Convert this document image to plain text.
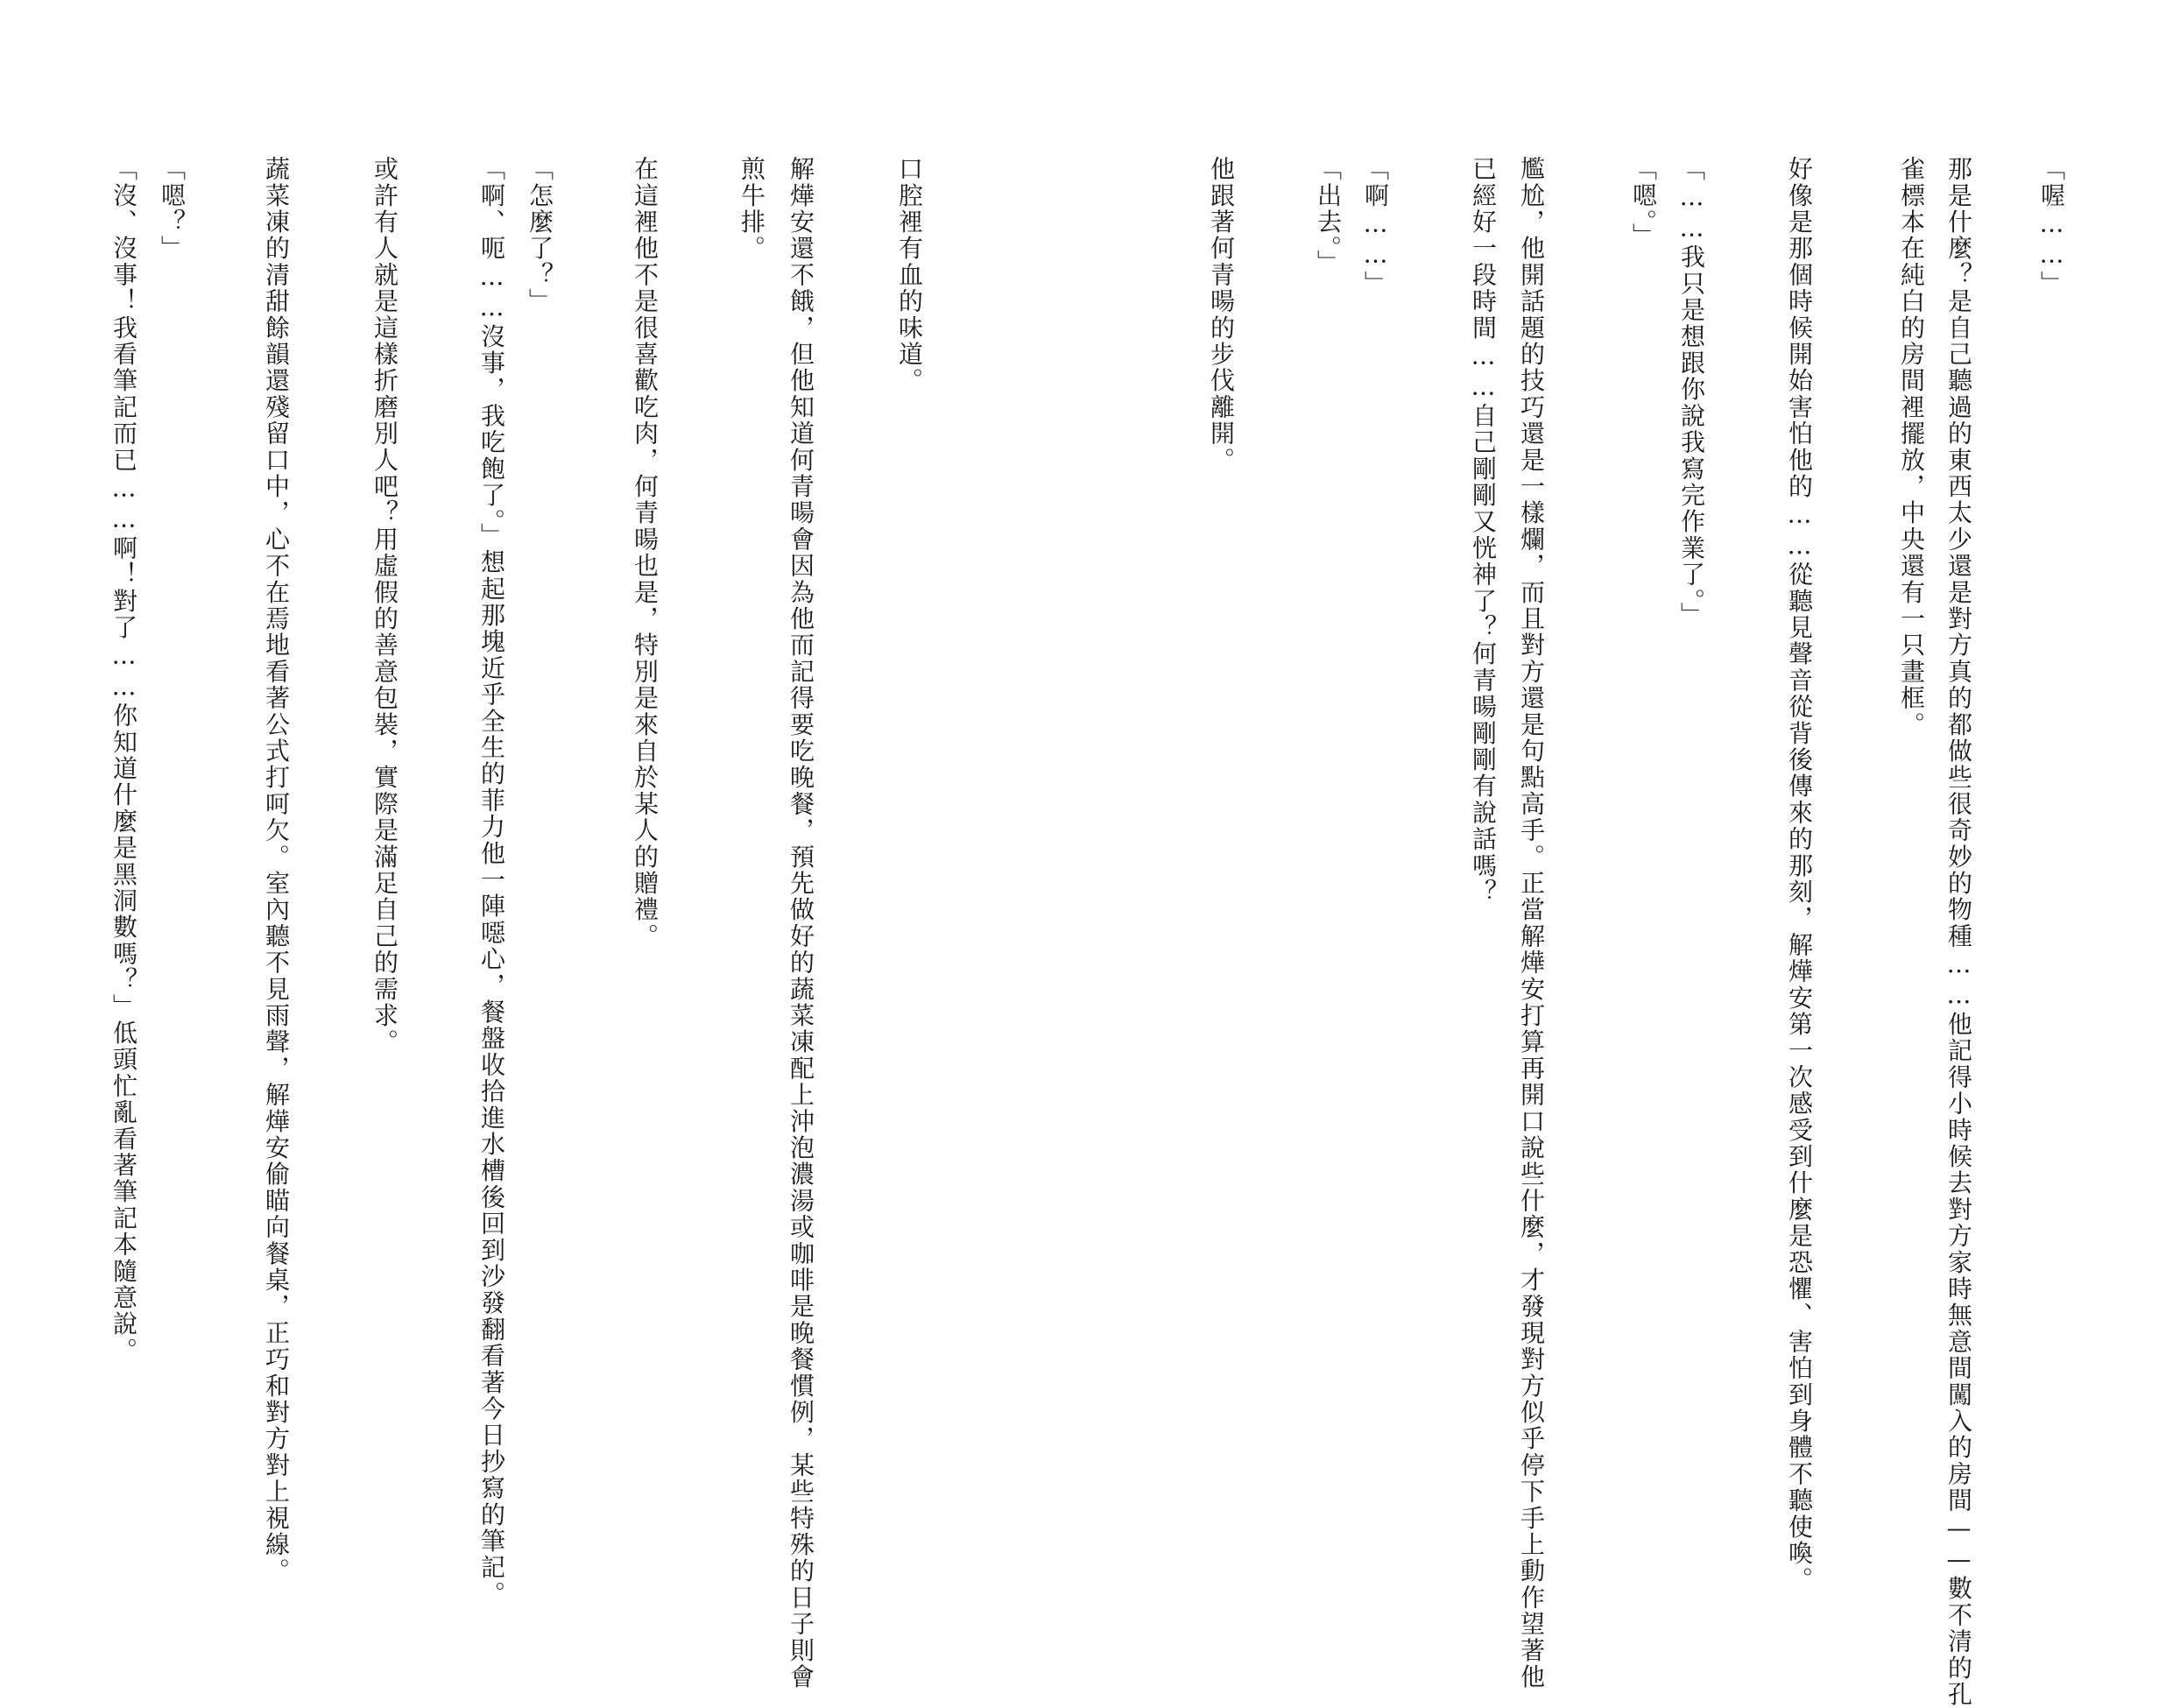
「喔……」
那是什麼？是自己聽過的東西太少還是對方真的都做些很奇妙的物種……他記得小時候去對方家時無意間闖入的房間——數不清的孔
雀標本在純白的房間裡擺放，中央還有一只畫框。
好像是那個時候開始害怕他的……從聽見聲音從背後傳來的那刻，解燁安第一次感受到什麼是恐懼、害怕到身體不聽使喚。
「……我只是想跟你說我寫完作業了。」
「嗯。」
尷尬，他開話題的技巧還是一樣爛，而且對方還是句點高手。正當解燁安打算再開口說些什麼，才發現對方似乎停下手上動作望著他
已經好一段時間……自己剛剛又恍神了？何青暘剛剛有說話嗎？
「啊……」
「出去。」
他跟著何青暘的步伐離開。
口腔裡有血的味道。
解燁安還不餓，但他知道何青暘會因為他而記得要吃晚餐，預先做好的蔬菜凍配上沖泡濃湯或咖啡是晚餐慣例，某些特殊的日子則會
煎牛排。
在這裡他不是很喜歡吃肉，何青暘也是，特別是來自於某人的贈禮。
「怎麼了？」
「啊、呃……沒事，我吃飽了。」想起那塊近乎全生的菲力他一陣噁心，餐盤收拾進水槽後回到沙發翻看著今日抄寫的筆記。
或許有人就是這樣折磨別人吧？用虛假的善意包裝，實際是滿足自己的需求。
蔬菜凍的清甜餘韻還殘留口中，心不在焉地看著公式打呵欠。室內聽不見雨聲，解燁安偷瞄向餐桌，正巧和對方對上視線。
「嗯？」
「沒、沒事！我看筆記而已……啊！對了……你知道什麼是黑洞數嗎？」低頭忙亂看著筆記本隨意說。
